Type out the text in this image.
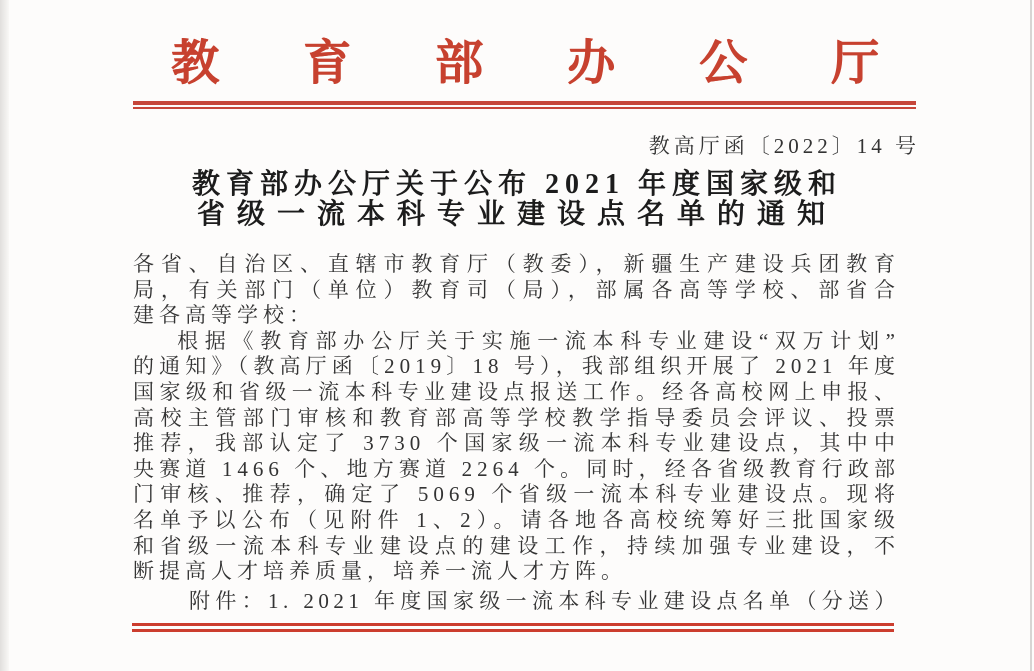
教育部办公厅
教高厅函〔2022〕14 号
教育部办公厅关于公布 2021 年度国家级和
省级一流本科专业建设点名单的通知
各省、自治区、直辖市教育厅（教委），新疆生产建设兵团教育
局，有关部门（单位）教育司（局），部属各高等学校、部省合
建各高等学校：
根据《教育部办公厅关于实施一流本科专业建设“双万计划”
的通知》（教高厅函〔2019〕18 号），我部组织开展了 2021 年度
国家级和省级一流本科专业建设点报送工作。经各高校网上申报、
高校主管部门审核和教育部高等学校教学指导委员会评议、投票
推荐，我部认定了 3730 个国家级一流本科专业建设点，其中中
央赛道 1466 个、地方赛道 2264 个。同时，经各省级教育行政部
门审核、推荐，确定了 5069 个省级一流本科专业建设点。现将
名单予以公布（见附件 1、2）。请各地各高校统筹好三批国家级
和省级一流本科专业建设点的建设工作，持续加强专业建设，不
断提高人才培养质量，培养一流人才方阵。
附件：1. 2021 年度国家级一流本科专业建设点名单（分送）
